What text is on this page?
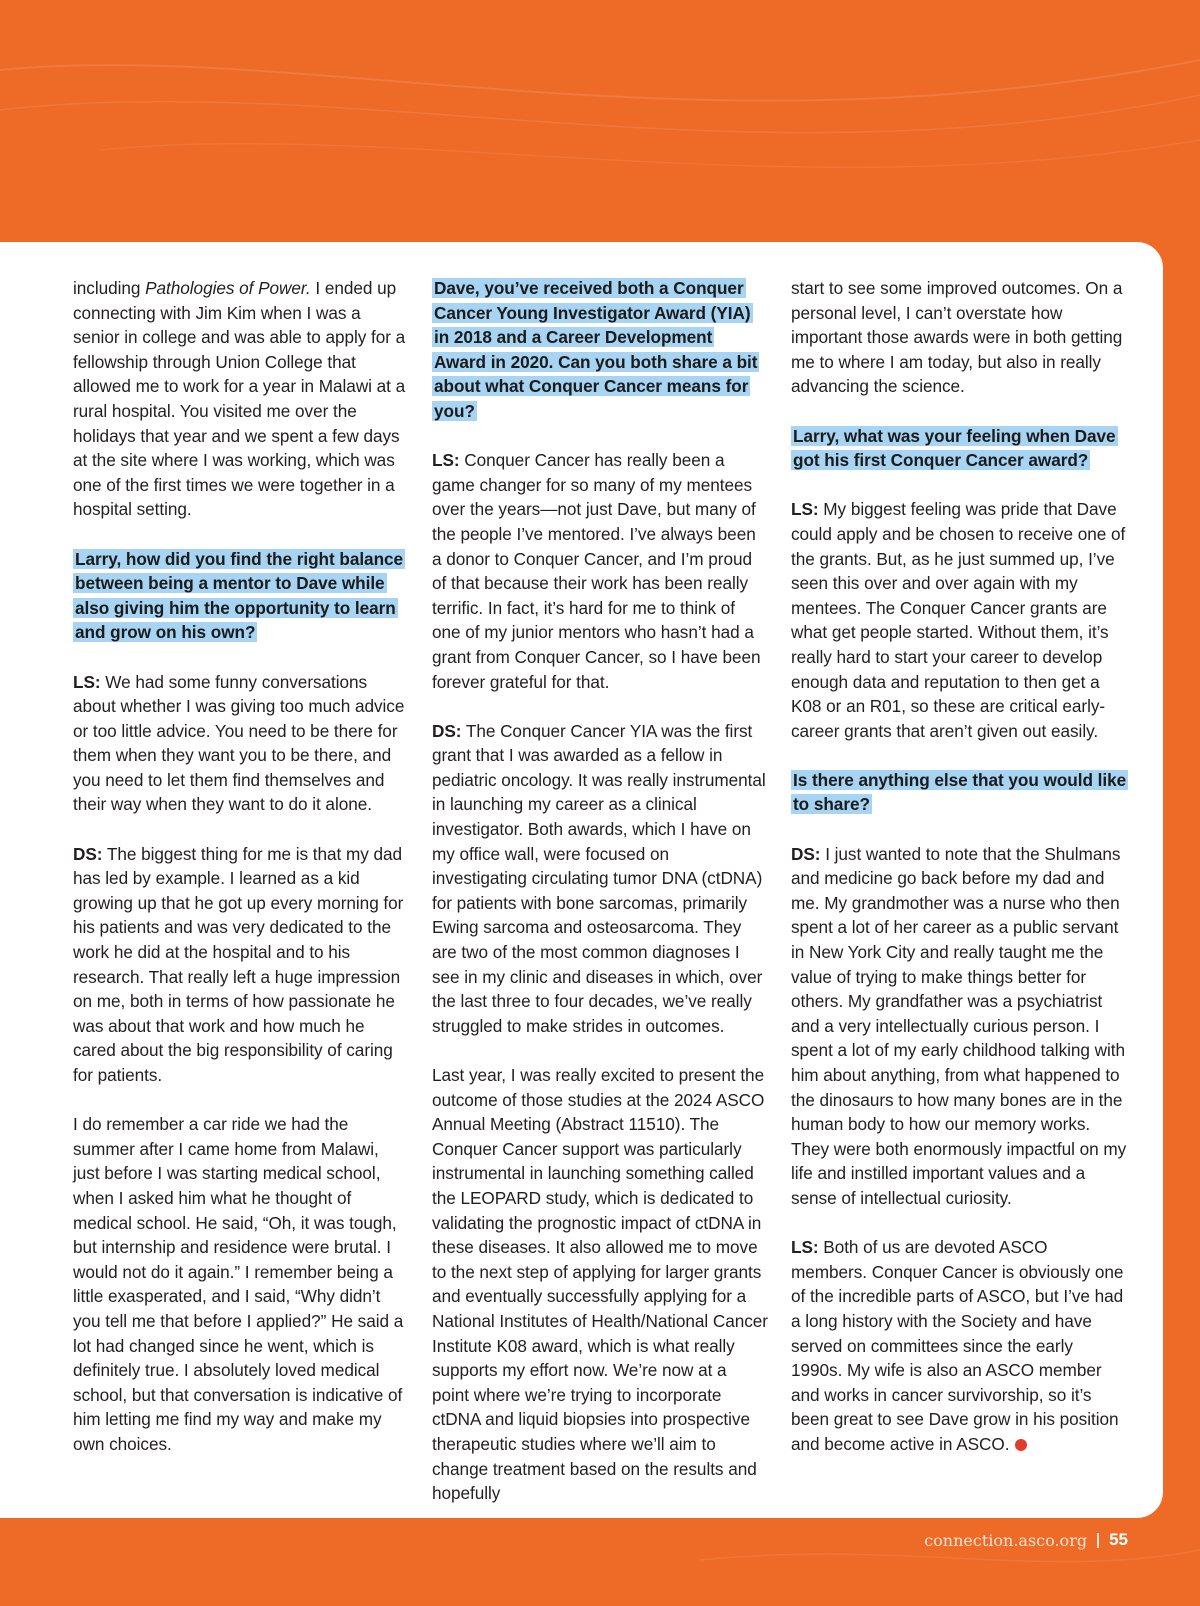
including Pathologies of Power. I ended up connecting with Jim Kim when I was a senior in college and was able to apply for a fellowship through Union College that allowed me to work for a year in Malawi at a rural hospital. You visited me over the holidays that year and we spent a few days at the site where I was working, which was one of the first times we were together in a hospital setting.

Larry, how did you find the right balance between being a mentor to Dave while also giving him the opportunity to learn and grow on his own?

LS: We had some funny conversations about whether I was giving too much advice or too little advice. You need to be there for them when they want you to be there, and you need to let them find themselves and their way when they want to do it alone.

DS: The biggest thing for me is that my dad has led by example. I learned as a kid growing up that he got up every morning for his patients and was very dedicated to the work he did at the hospital and to his research. That really left a huge impression on me, both in terms of how passionate he was about that work and how much he cared about the big responsibility of caring for patients.

I do remember a car ride we had the summer after I came home from Malawi, just before I was starting medical school, when I asked him what he thought of medical school. He said, “Oh, it was tough, but internship and residence were brutal. I would not do it again.” I remember being a little exasperated, and I said, “Why didn’t you tell me that before I applied?” He said a lot had changed since he went, which is definitely true. I absolutely loved medical school, but that conversation is indicative of him letting me find my way and make my own choices.

Dave, you’ve received both a Conquer Cancer Young Investigator Award (YIA) in 2018 and a Career Development Award in 2020. Can you both share a bit about what Conquer Cancer means for you?

LS: Conquer Cancer has really been a game changer for so many of my mentees over the years—not just Dave, but many of the people I’ve mentored. I’ve always been a donor to Conquer Cancer, and I’m proud of that because their work has been really terrific. In fact, it’s hard for me to think of one of my junior mentors who hasn’t had a grant from Conquer Cancer, so I have been forever grateful for that.

DS: The Conquer Cancer YIA was the first grant that I was awarded as a fellow in pediatric oncology. It was really instrumental in launching my career as a clinical investigator. Both awards, which I have on my office wall, were focused on investigating circulating tumor DNA (ctDNA) for patients with bone sarcomas, primarily Ewing sarcoma and osteosarcoma. They are two of the most common diagnoses I see in my clinic and diseases in which, over the last three to four decades, we’ve really struggled to make strides in outcomes.

Last year, I was really excited to present the outcome of those studies at the 2024 ASCO Annual Meeting (Abstract 11510). The Conquer Cancer support was particularly instrumental in launching something called the LEOPARD study, which is dedicated to validating the prognostic impact of ctDNA in these diseases. It also allowed me to move to the next step of applying for larger grants and eventually successfully applying for a National Institutes of Health/National Cancer Institute K08 award, which is what really supports my effort now. We’re now at a point where we’re trying to incorporate ctDNA and liquid biopsies into prospective therapeutic studies where we’ll aim to change treatment based on the results and hopefully

start to see some improved outcomes. On a personal level, I can’t overstate how important those awards were in both getting me to where I am today, but also in really advancing the science.

Larry, what was your feeling when Dave got his first Conquer Cancer award?

LS: My biggest feeling was pride that Dave could apply and be chosen to receive one of the grants. But, as he just summed up, I’ve seen this over and over again with my mentees. The Conquer Cancer grants are what get people started. Without them, it’s really hard to start your career to develop enough data and reputation to then get a K08 or an R01, so these are critical early-career grants that aren’t given out easily.

Is there anything else that you would like to share?

DS: I just wanted to note that the Shulmans and medicine go back before my dad and me. My grandmother was a nurse who then spent a lot of her career as a public servant in New York City and really taught me the value of trying to make things better for others. My grandfather was a psychiatrist and a very intellectually curious person. I spent a lot of my early childhood talking with him about anything, from what happened to the dinosaurs to how many bones are in the human body to how our memory works. They were both enormously impactful on my life and instilled important values and a sense of intellectual curiosity.

LS: Both of us are devoted ASCO members. Conquer Cancer is obviously one of the incredible parts of ASCO, but I’ve had a long history with the Society and have served on committees since the early 1990s. My wife is also an ASCO member and works in cancer survivorship, so it’s been great to see Dave grow in his position and become active in ASCO.

connection.asco.org 55
